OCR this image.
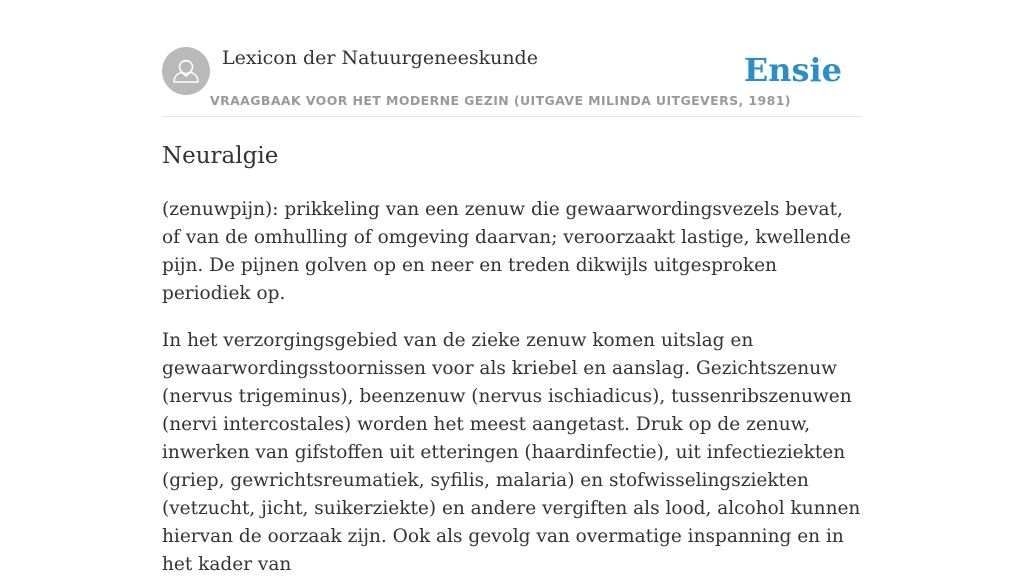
Lexicon der Natuurgeneeskunde
VRAAGBAAK VOOR HET MODERNE GEZIN (UITGAVE MILINDA UITGEVERS, 1981)
Ensie
Neuralgie

(zenuwpijn): prikkeling van een zenuw die gewaarwordingsvezels bevat, of van de omhulling of omgeving daarvan; veroorzaakt lastige, kwellende pijn. De pijnen golven op en neer en treden dikwijls uitgesproken periodiek op.

In het verzorgingsgebied van de zieke zenuw komen uitslag en gewaarwordingsstoornissen voor als kriebel en aanslag. Gezichtszenuw (nervus trigeminus), beenzenuw (nervus ischiadicus), tussenribszenuwen (nervi intercostales) worden het meest aangetast. Druk op de zenuw, inwerken van gifstoffen uit etteringen (haardinfectie), uit infectieziekten (griep, gewrichtsreumatiek, syfilis, malaria) en stofwisselingsziekten (vetzucht, jicht, suikerziekte) en andere vergiften als lood, alcohol kunnen hiervan de oorzaak zijn. Ook als gevolg van overmatige inspanning en in het kader van
